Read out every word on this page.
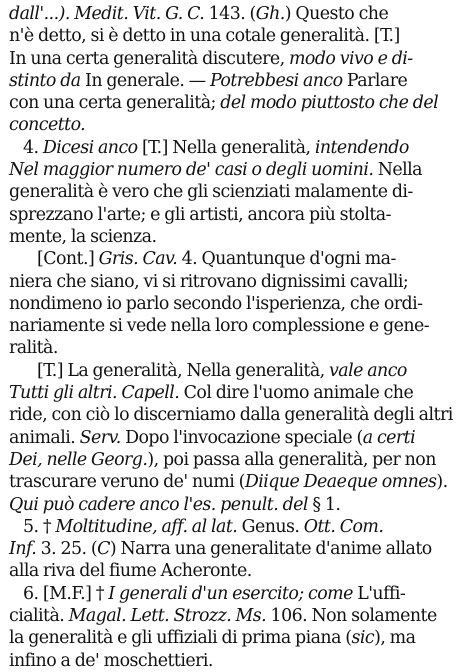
dall'...). Medit. Vit. G. C. 143. (Gh.) Questo che
n'è detto, si è detto in una cotale generalità. [T.]
In una certa generalità discutere, modo vivo e di-
stinto da In generale. — Potrebbesi anco Parlare
con una certa generalità; del modo piuttosto che del
concetto.
4. Dicesi anco [T.] Nella generalità, intendendo
Nel maggior numero de' casi o degli uomini. Nella
generalità è vero che gli scienziati malamente di-
sprezzano l'arte; e gli artisti, ancora più stolta-
mente, la scienza.
[Cont.] Gris. Cav. 4. Quantunque d'ogni ma-
niera che siano, vi si ritrovano dignissimi cavalli;
nondimeno io parlo secondo l'isperienza, che ordi-
nariamente si vede nella loro complessione e gene-
ralità.
[T.] La generalità, Nella generalità, vale anco
Tutti gli altri. Capell. Col dire l'uomo animale che
ride, con ciò lo discerniamo dalla generalità degli altri
animali. Serv. Dopo l'invocazione speciale (a certi
Dei, nelle Georg.), poi passa alla generalità, per non
trascurare veruno de' numi (Diique Deaeque omnes).
Qui può cadere anco l'es. penult. del § 1.
5. † Moltitudine, aff. al lat. Genus. Ott. Com.
Inf. 3. 25. (C) Narra una generalitate d'anime allato
alla riva del fiume Acheronte.
6. [M.F.] † I generali d'un esercito; come L'uffi-
cialità. Magal. Lett. Strozz. Ms. 106. Non solamente
la generalità e gli uffiziali di prima piana (sic), ma
infino a de' moschettieri.
